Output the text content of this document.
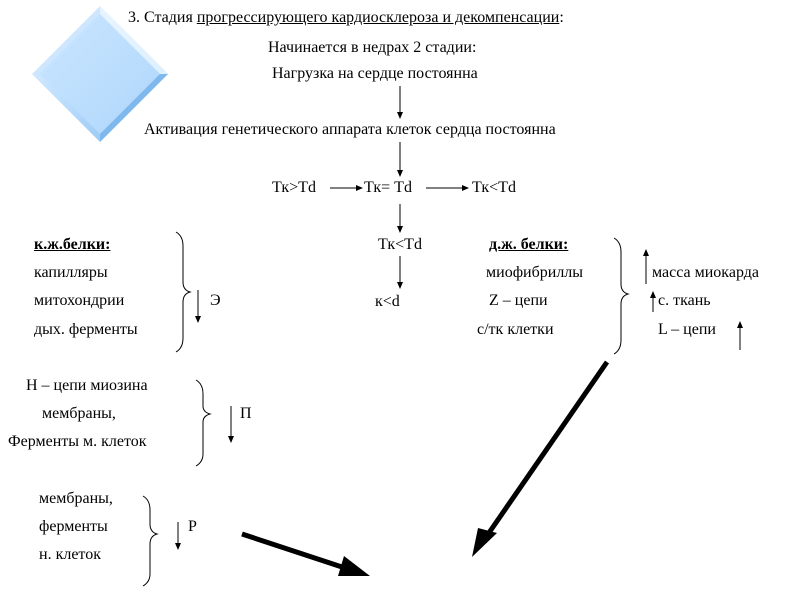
3. Стадия прогрессирующего кардиосклероза и декомпенсации:
Начинается в недрах 2 стадии:
Нагрузка на сердце постоянна
Активация генетического аппарата клеток сердца постоянна
Тк>Td	Тк= Td	Тк<Td
Тк<Td
к<d
к.ж.белки:
капилляры
митохондрии
дых. ферменты
Э
д.ж. белки:
миофибриллы
Z – цепи
с/тк клетки
масса миокарда
с. ткань
L – цепи
H – цепи миозина
мембраны,
Ферменты м. клеток
П
мембраны,
ферменты
н. клеток
Р
